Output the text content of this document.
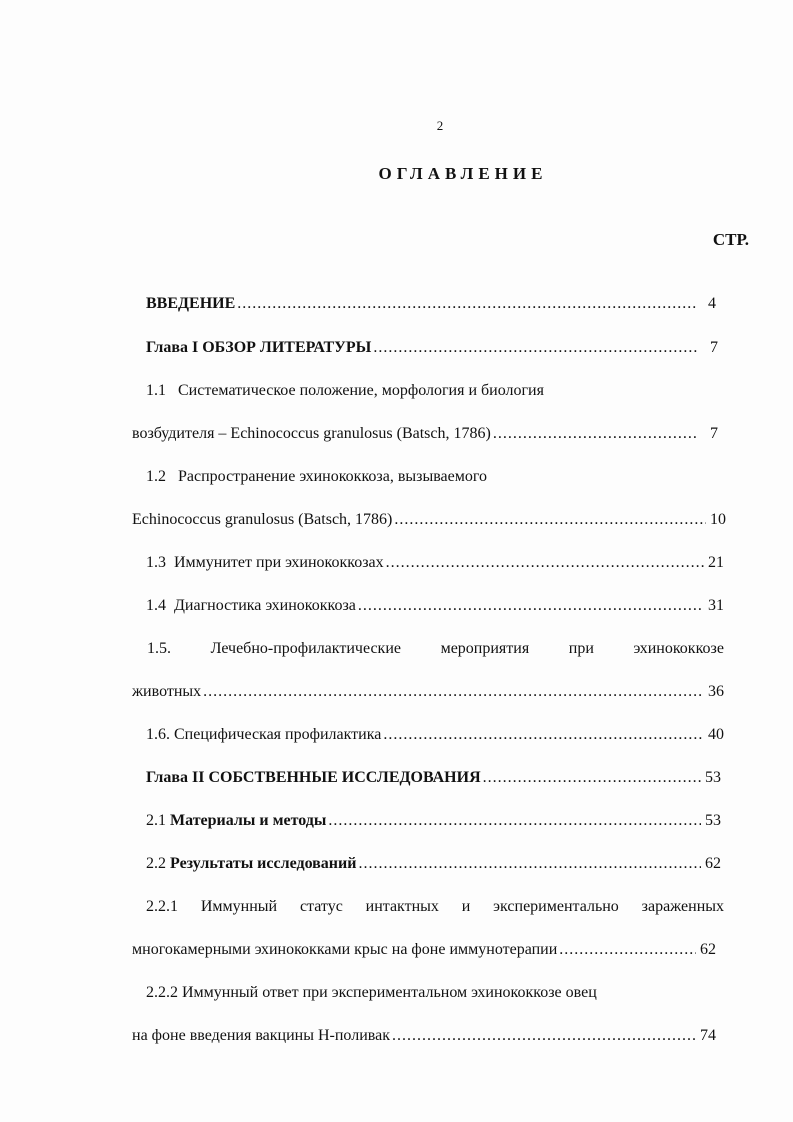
2
ОГЛАВЛЕНИЕ
СТР.
ВВЕДЕНИЕ .....	4
Глава I ОБЗОР ЛИТЕРАТУРЫ .....	7
1.1 Систематическое положение, морфология и биология
возбудителя – Echinococcus granulosus (Batsch, 1786) .....	7
1.2 Распространение эхинококкоза, вызываемого
Echinococcus granulosus (Batsch, 1786) .....	10
1.3 Иммунитет при эхинококкозах .....	21
1.4 Диагностика эхинококкоза .....	31
1.5. Лечебно-профилактические мероприятия при эхинококкозе
животных .....	36
1.6. Специфическая профилактика .....	40
Глава II СОБСТВЕННЫЕ ИССЛЕДОВАНИЯ .....	53
2.1 Материалы и методы .....	53
2.2 Результаты исследований .....	62
2.2.1 Иммунный статус интактных и экспериментально зараженных
многокамерными эхинококками крыс на фоне иммунотерапии .....	62
2.2.2 Иммунный ответ при экспериментальном эхинококкозе овец
на фоне введения вакцины Н-поливак .....	74
